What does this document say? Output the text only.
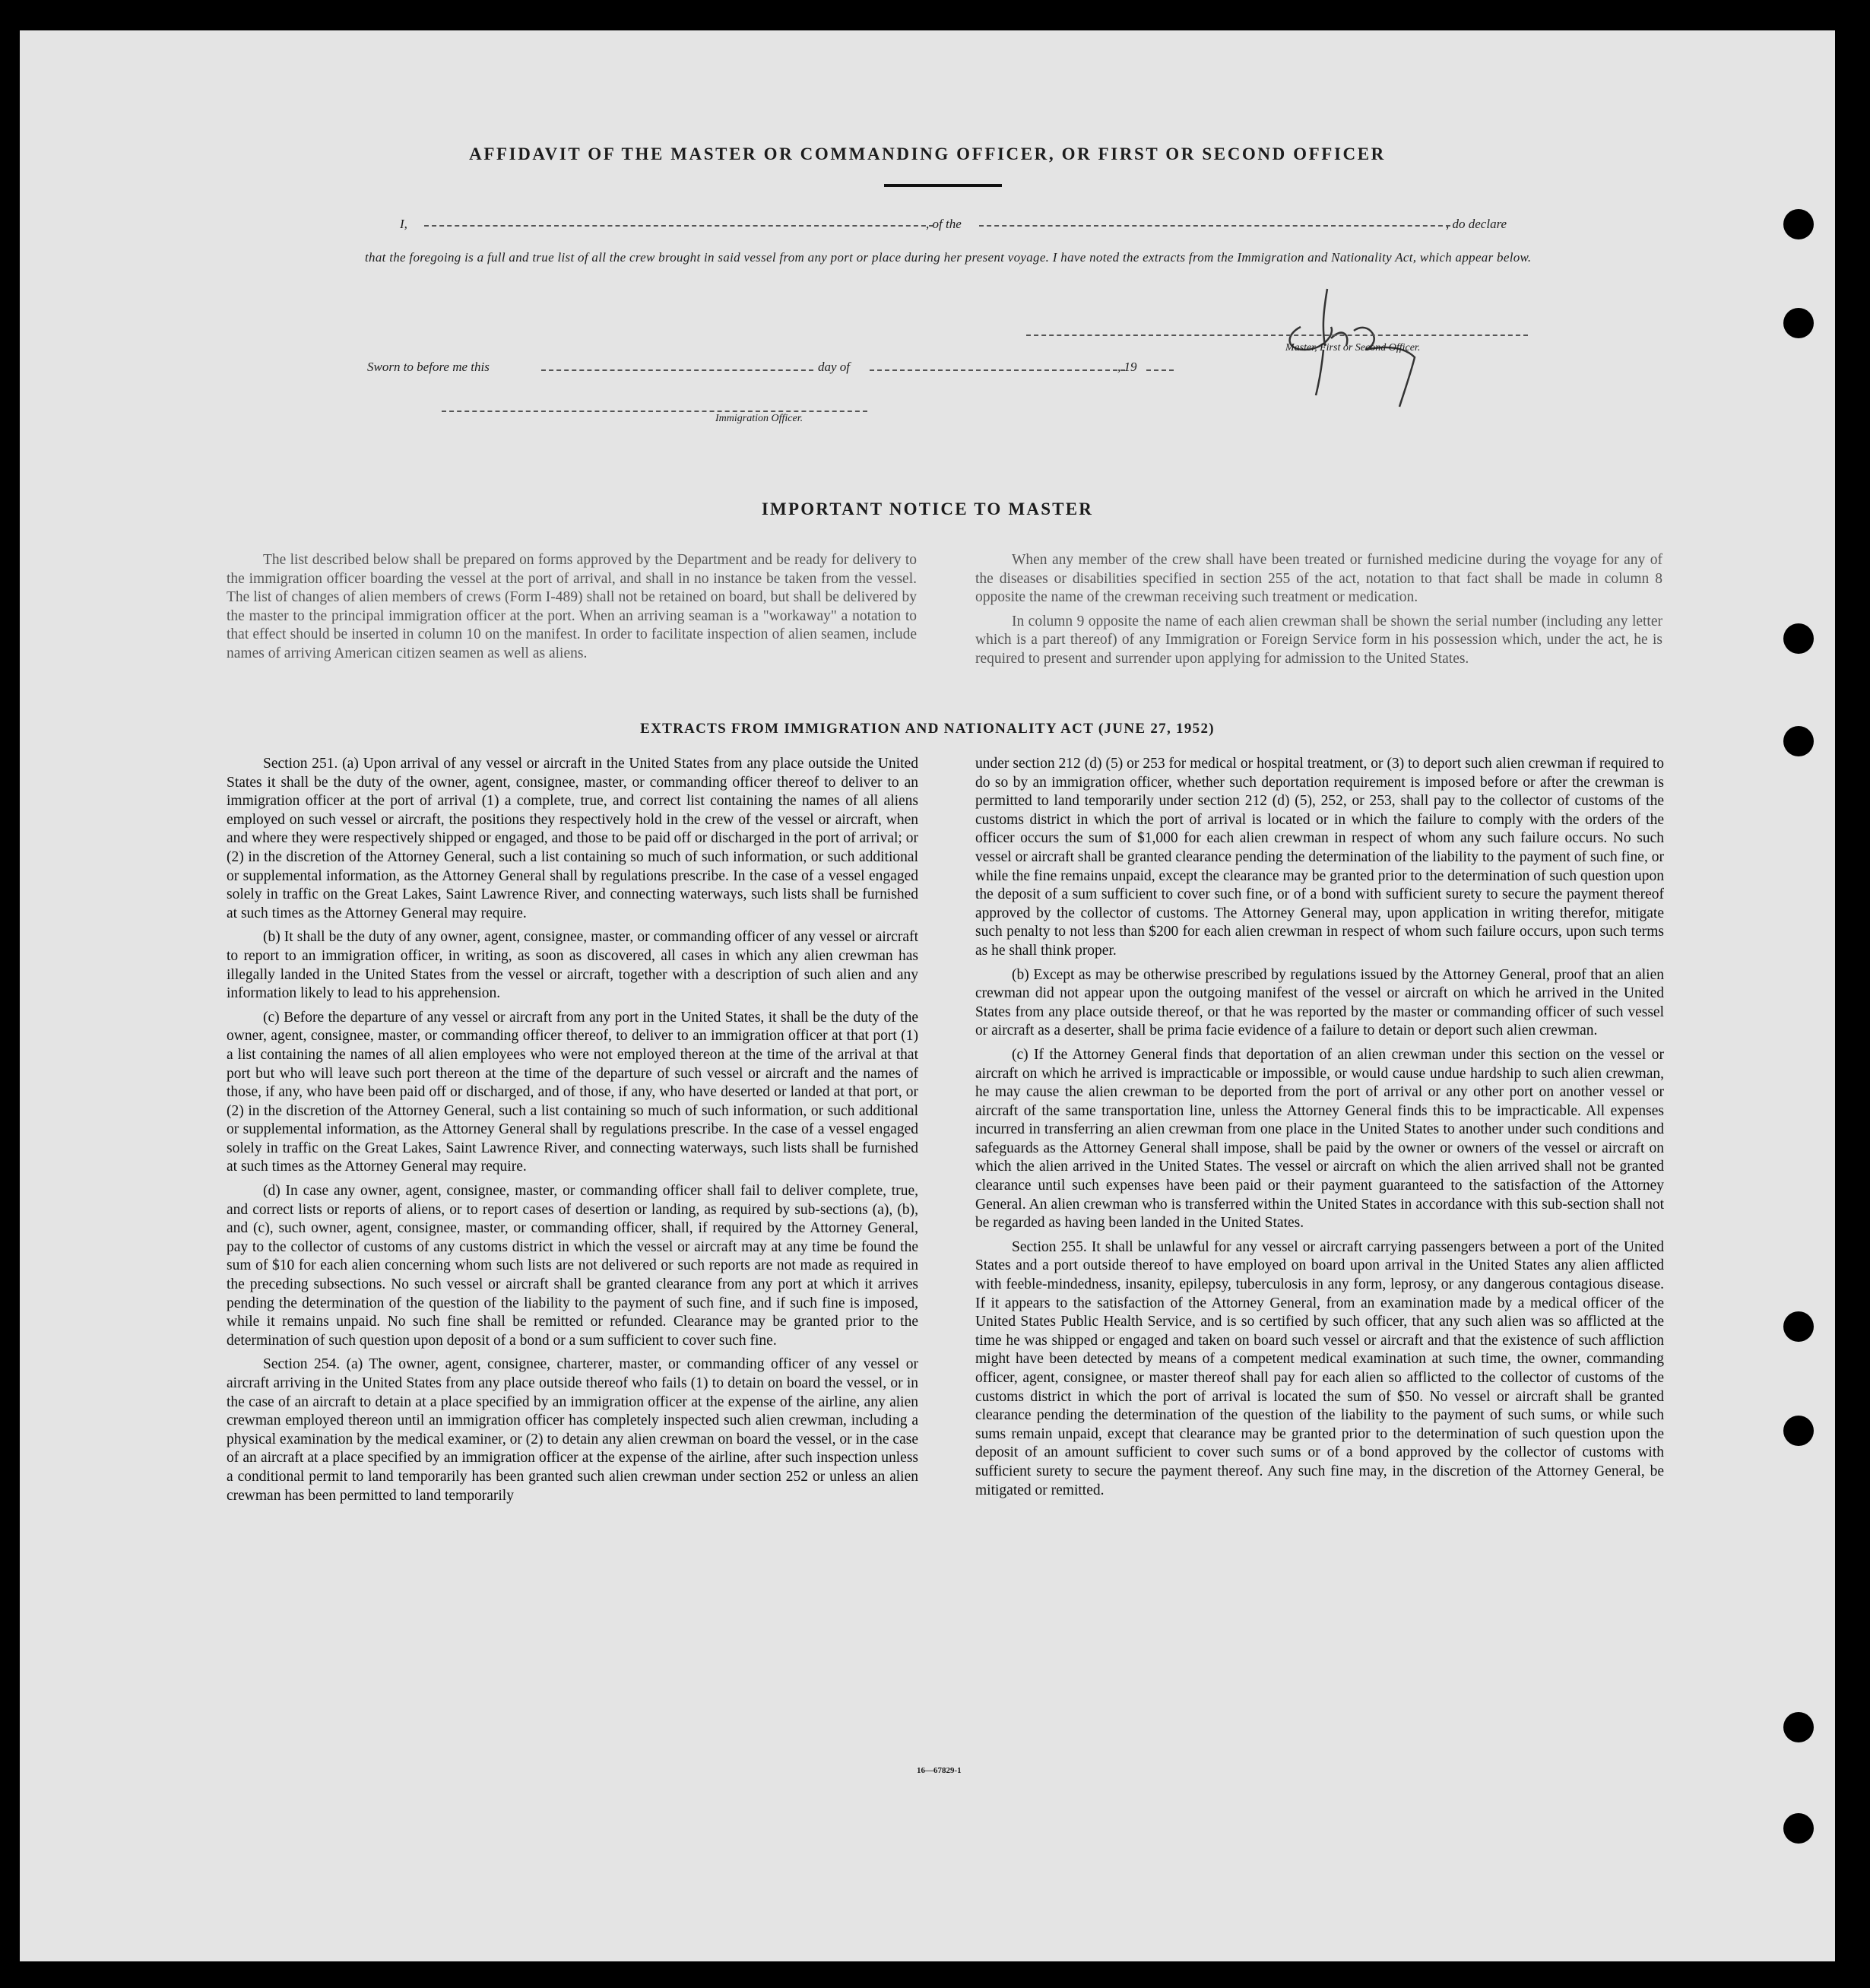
AFFIDAVIT OF THE MASTER OR COMMANDING OFFICER, OR FIRST OR SECOND OFFICER
I,	, of the	, do declare
that the foregoing is a full and true list of all the crew brought in said vessel from any port or place during her present voyage. I have noted the extracts from the Immigration and Nationality Act, which appear below.
Master, First or Second Officer.
Sworn to before me this	day of	, 19
Immigration Officer.
IMPORTANT NOTICE TO MASTER

The list described below shall be prepared on forms approved by the Department and be ready for delivery to the immigration officer boarding the vessel at the port of arrival, and shall in no instance be taken from the vessel. The list of changes of alien members of crews (Form I-489) shall not be retained on board, but shall be delivered by the master to the principal immigration officer at the port. When an arriving seaman is a "workaway" a notation to that effect should be inserted in column 10 on the manifest. In order to facilitate inspection of alien seamen, include names of arriving American citizen seamen as well as aliens.

When any member of the crew shall have been treated or furnished medicine during the voyage for any of the diseases or disabilities specified in section 255 of the act, notation to that fact shall be made in column 8 opposite the name of the crewman receiving such treatment or medication.

In column 9 opposite the name of each alien crewman shall be shown the serial number (including any letter which is a part thereof) of any Immigration or Foreign Service form in his possession which, under the act, he is required to present and surrender upon applying for admission to the United States.

EXTRACTS FROM IMMIGRATION AND NATIONALITY ACT (JUNE 27, 1952)

Section 251. (a) Upon arrival of any vessel or aircraft in the United States from any place outside the United States it shall be the duty of the owner, agent, consignee, master, or commanding officer thereof to deliver to an immigration officer at the port of arrival (1) a complete, true, and correct list containing the names of all aliens employed on such vessel or aircraft, the positions they respectively hold in the crew of the vessel or aircraft, when and where they were respectively shipped or engaged, and those to be paid off or discharged in the port of arrival; or (2) in the discretion of the Attorney General, such a list containing so much of such information, or such additional or supplemental information, as the Attorney General shall by regulations prescribe. In the case of a vessel engaged solely in traffic on the Great Lakes, Saint Lawrence River, and connecting waterways, such lists shall be furnished at such times as the Attorney General may require.

(b) It shall be the duty of any owner, agent, consignee, master, or commanding officer of any vessel or aircraft to report to an immigration officer, in writing, as soon as discovered, all cases in which any alien crewman has illegally landed in the United States from the vessel or aircraft, together with a description of such alien and any information likely to lead to his apprehension.

(c) Before the departure of any vessel or aircraft from any port in the United States, it shall be the duty of the owner, agent, consignee, master, or commanding officer thereof, to deliver to an immigration officer at that port (1) a list containing the names of all alien employees who were not employed thereon at the time of the arrival at that port but who will leave such port thereon at the time of the departure of such vessel or aircraft and the names of those, if any, who have been paid off or discharged, and of those, if any, who have deserted or landed at that port, or (2) in the discretion of the Attorney General, such a list containing so much of such information, or such additional or supplemental information, as the Attorney General shall by regulations prescribe. In the case of a vessel engaged solely in traffic on the Great Lakes, Saint Lawrence River, and connecting waterways, such lists shall be furnished at such times as the Attorney General may require.

(d) In case any owner, agent, consignee, master, or commanding officer shall fail to deliver complete, true, and correct lists or reports of aliens, or to report cases of desertion or landing, as required by sub-sections (a), (b), and (c), such owner, agent, consignee, master, or commanding officer, shall, if required by the Attorney General, pay to the collector of customs of any customs district in which the vessel or aircraft may at any time be found the sum of $10 for each alien concerning whom such lists are not delivered or such reports are not made as required in the preceding subsections. No such vessel or aircraft shall be granted clearance from any port at which it arrives pending the determination of the question of the liability to the payment of such fine, and if such fine is imposed, while it remains unpaid. No such fine shall be remitted or refunded. Clearance may be granted prior to the determination of such question upon deposit of a bond or a sum sufficient to cover such fine.

Section 254. (a) The owner, agent, consignee, charterer, master, or commanding officer of any vessel or aircraft arriving in the United States from any place outside thereof who fails (1) to detain on board the vessel, or in the case of an aircraft to detain at a place specified by an immigration officer at the expense of the airline, any alien crewman employed thereon until an immigration officer has completely inspected such alien crewman, including a physical examination by the medical examiner, or (2) to detain any alien crewman on board the vessel, or in the case of an aircraft at a place specified by an immigration officer at the expense of the airline, after such inspection unless a conditional permit to land temporarily has been granted such alien crewman under section 252 or unless an alien crewman has been permitted to land temporarily

under section 212 (d) (5) or 253 for medical or hospital treatment, or (3) to deport such alien crewman if required to do so by an immigration officer, whether such deportation requirement is imposed before or after the crewman is permitted to land temporarily under section 212 (d) (5), 252, or 253, shall pay to the collector of customs of the customs district in which the port of arrival is located or in which the failure to comply with the orders of the officer occurs the sum of $1,000 for each alien crewman in respect of whom any such failure occurs. No such vessel or aircraft shall be granted clearance pending the determination of the liability to the payment of such fine, or while the fine remains unpaid, except the clearance may be granted prior to the determination of such question upon the deposit of a sum sufficient to cover such fine, or of a bond with sufficient surety to secure the payment thereof approved by the collector of customs. The Attorney General may, upon application in writing therefor, mitigate such penalty to not less than $200 for each alien crewman in respect of whom such failure occurs, upon such terms as he shall think proper.

(b) Except as may be otherwise prescribed by regulations issued by the Attorney General, proof that an alien crewman did not appear upon the outgoing manifest of the vessel or aircraft on which he arrived in the United States from any place outside thereof, or that he was reported by the master or commanding officer of such vessel or aircraft as a deserter, shall be prima facie evidence of a failure to detain or deport such alien crewman.

(c) If the Attorney General finds that deportation of an alien crewman under this section on the vessel or aircraft on which he arrived is impracticable or impossible, or would cause undue hardship to such alien crewman, he may cause the alien crewman to be deported from the port of arrival or any other port on another vessel or aircraft of the same transportation line, unless the Attorney General finds this to be impracticable. All expenses incurred in transferring an alien crewman from one place in the United States to another under such conditions and safeguards as the Attorney General shall impose, shall be paid by the owner or owners of the vessel or aircraft on which the alien arrived in the United States. The vessel or aircraft on which the alien arrived shall not be granted clearance until such expenses have been paid or their payment guaranteed to the satisfaction of the Attorney General. An alien crewman who is transferred within the United States in accordance with this sub-section shall not be regarded as having been landed in the United States.

Section 255. It shall be unlawful for any vessel or aircraft carrying passengers between a port of the United States and a port outside thereof to have employed on board upon arrival in the United States any alien afflicted with feeble-mindedness, insanity, epilepsy, tuberculosis in any form, leprosy, or any dangerous contagious disease. If it appears to the satisfaction of the Attorney General, from an examination made by a medical officer of the United States Public Health Service, and is so certified by such officer, that any such alien was so afflicted at the time he was shipped or engaged and taken on board such vessel or aircraft and that the existence of such affliction might have been detected by means of a competent medical examination at such time, the owner, commanding officer, agent, consignee, or master thereof shall pay for each alien so afflicted to the collector of customs of the customs district in which the port of arrival is located the sum of $50. No vessel or aircraft shall be granted clearance pending the determination of the question of the liability to the payment of such sums, or while such sums remain unpaid, except that clearance may be granted prior to the determination of such question upon the deposit of an amount sufficient to cover such sums or of a bond approved by the collector of customs with sufficient surety to secure the payment thereof. Any such fine may, in the discretion of the Attorney General, be mitigated or remitted.

16—67829-1
